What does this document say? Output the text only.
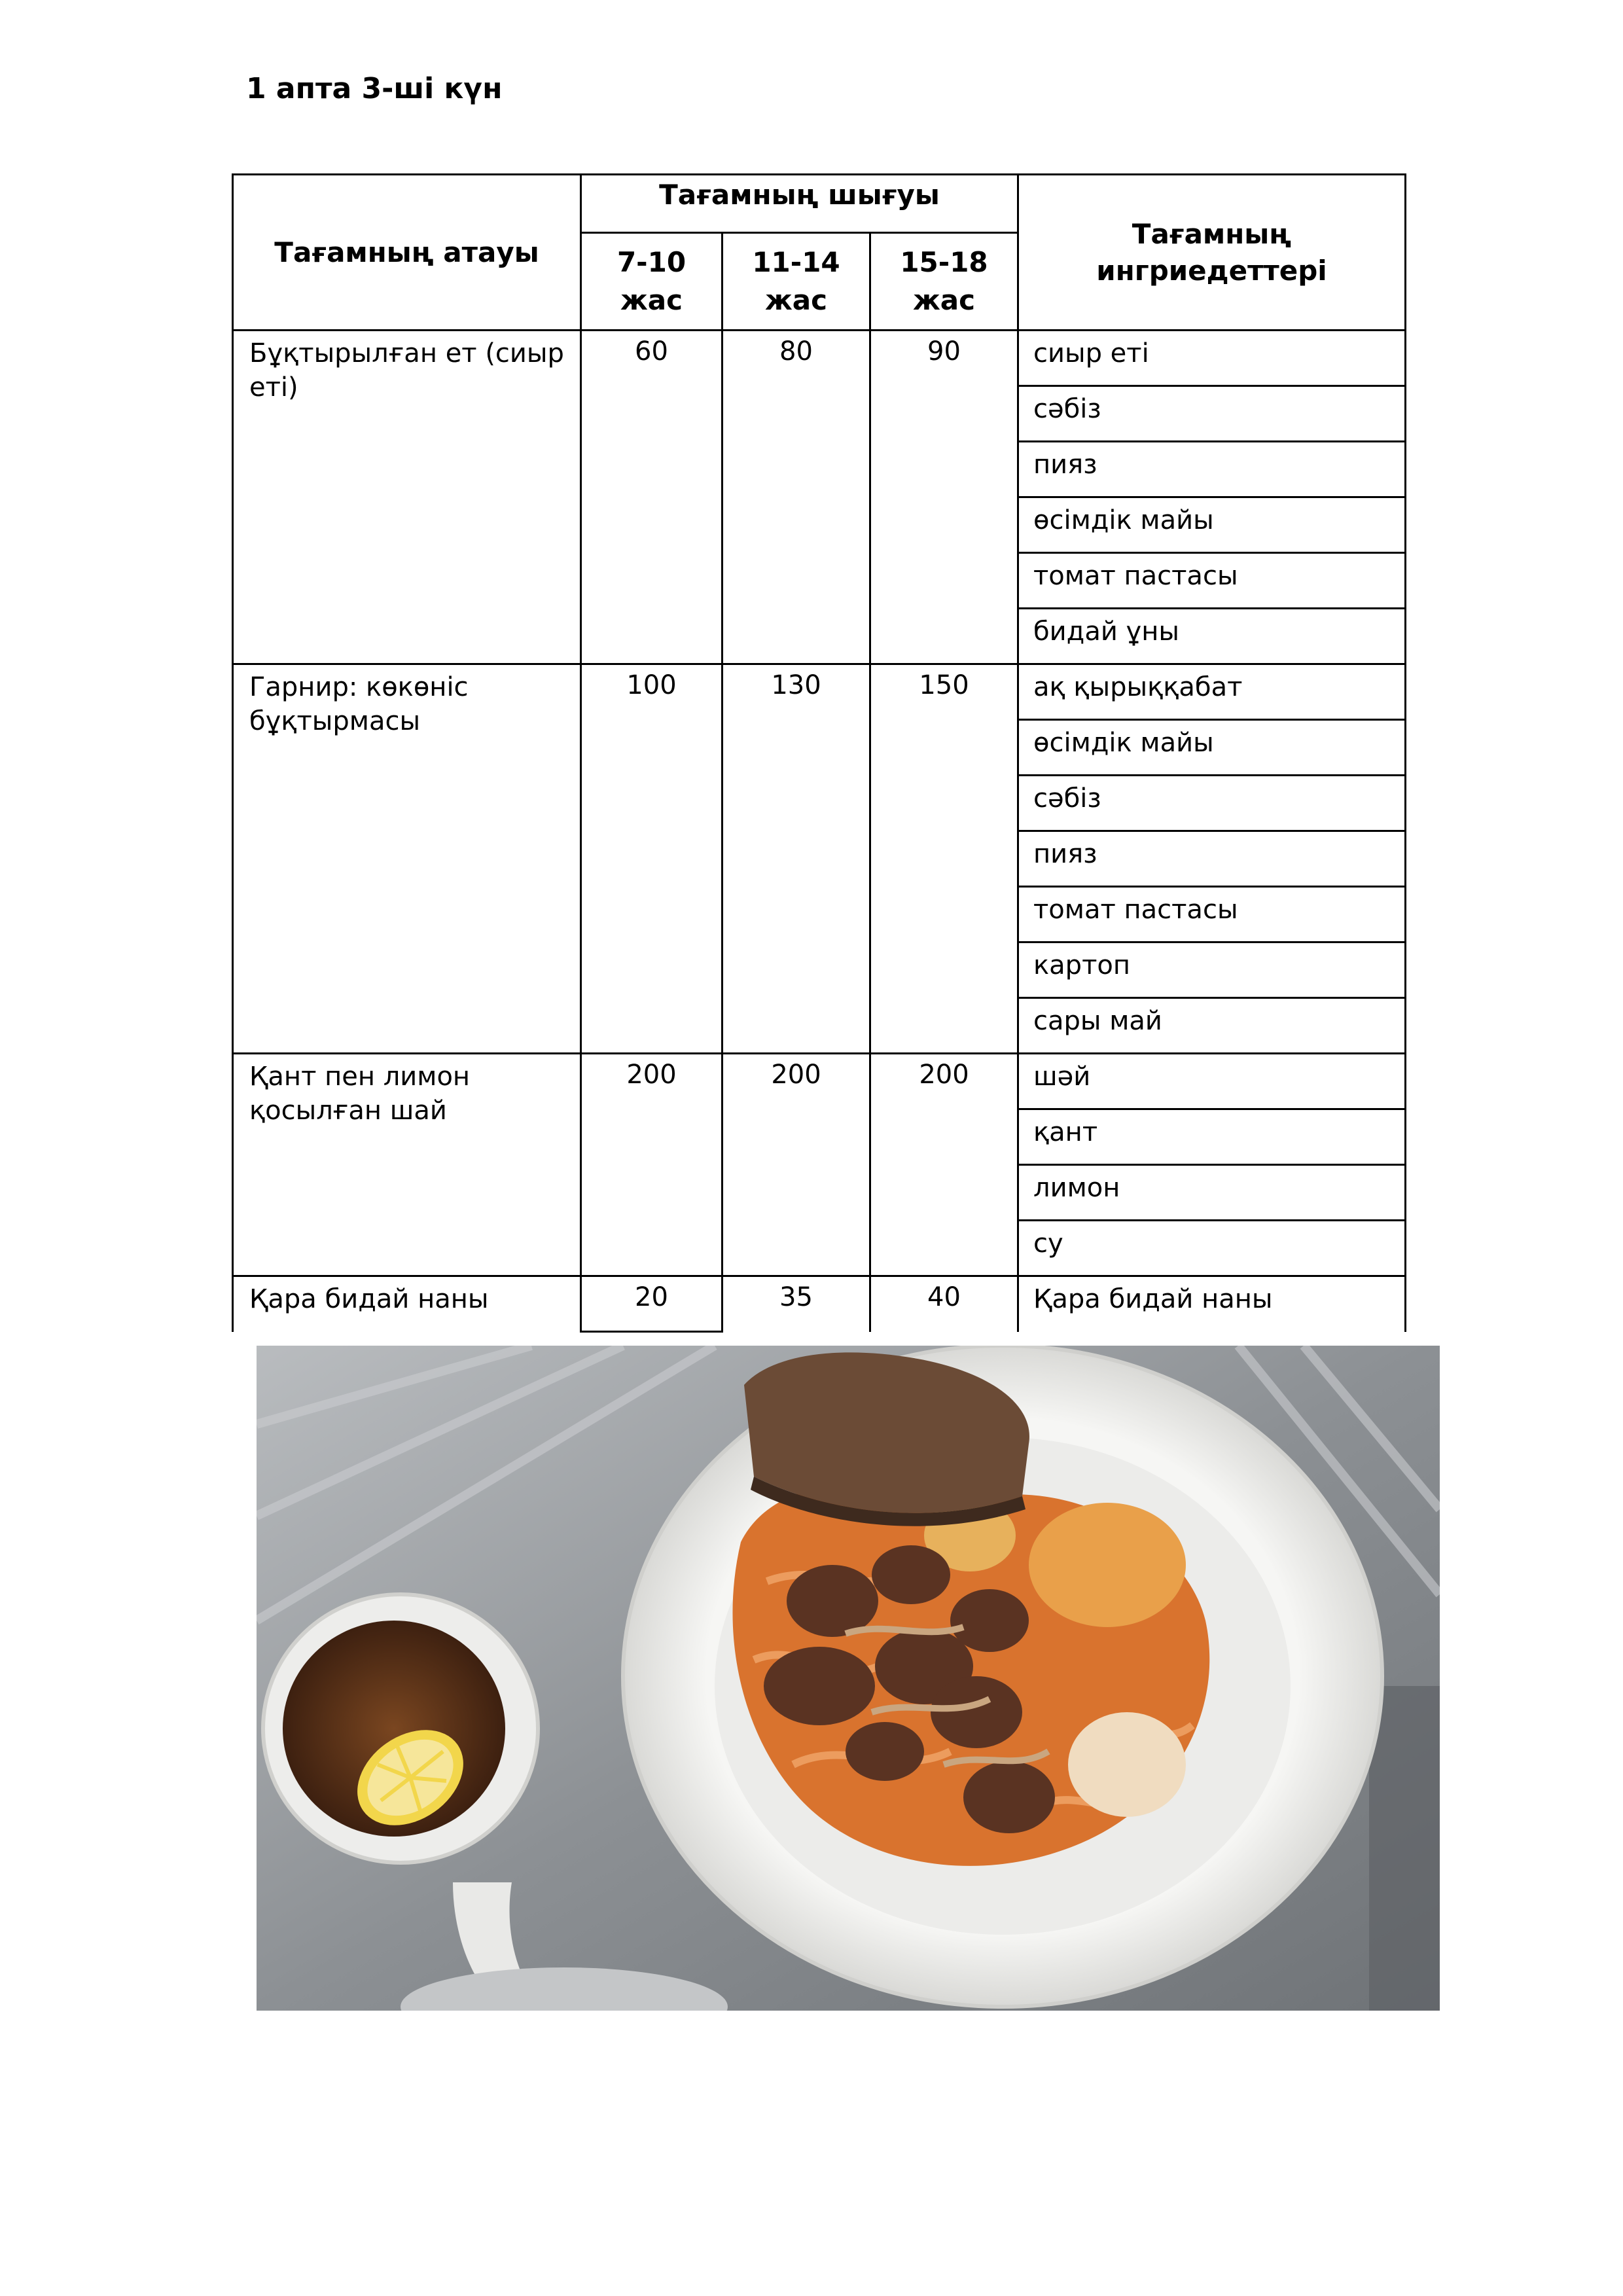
1 апта 3-ші күн
Тағамның атауы	Тағамның шығуы			Тағамның ингриедеттері
	7-10 жас	11-14 жас	15-18 жас	
Бұқтырылған ет (сиыр еті)	60	80	90	сиыр еті
				сәбіз
				пияз
				өсімдік майы
				томат пастасы
				бидай ұны
Гарнир: көкөніс бұқтырмасы	100	130	150	ақ қырыққабат
				өсімдік майы
				сәбіз
				пияз
				томат пастасы
				картоп
				сары май
Қант пен лимон қосылған шай	200	200	200	шәй
				қант
				лимон
				су
Қара бидай наны	20	35	40	Қара бидай наны
